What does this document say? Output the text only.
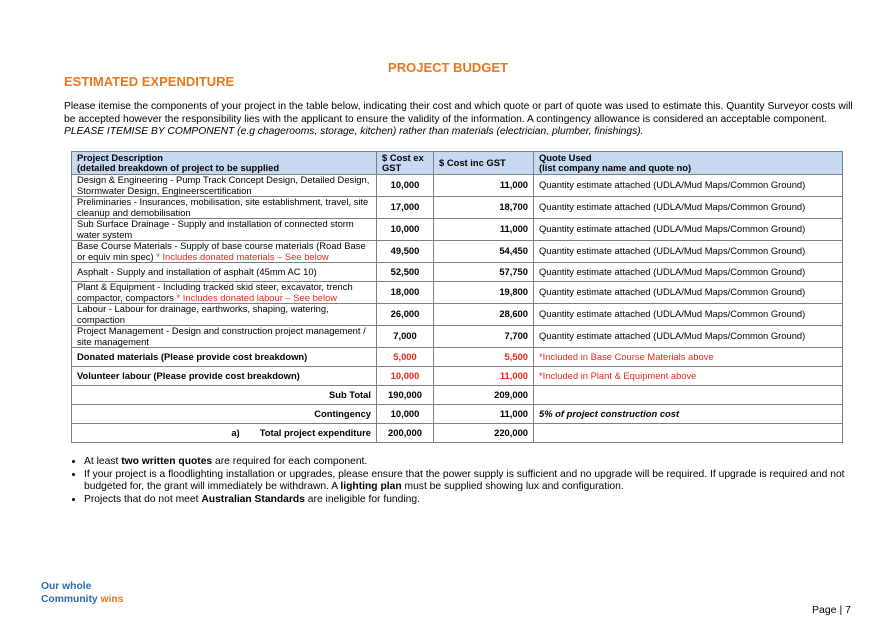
PROJECT BUDGET
ESTIMATED EXPENDITURE
Please itemise the components of your project in the table below, indicating their cost and which quote or part of quote was used to estimate this. Quantity Surveyor costs will be accepted however the responsibility lies with the applicant to ensure the validity of the information. A contingency allowance is considered an acceptable component. PLEASE ITEMISE BY COMPONENT (e.g chagerooms, storage, kitchen) rather than materials (electrician, plumber, finishings).
Project Description
(detailed breakdown of project to be supplied	$ Cost ex GST	$ Cost inc GST	Quote Used
(list company name and quote no)
Design & Engineering - Pump Track Concept Design, Detailed Design, Stormwater Design, Engineerscertification	10,000	11,000	Quantity estimate attached (UDLA/Mud Maps/Common Ground)
Preliminaries - Insurances, mobilisation, site establishment, travel, site cleanup and demobilisation	17,000	18,700	Quantity estimate attached (UDLA/Mud Maps/Common Ground)
Sub Surface Drainage - Supply and installation of connected storm water system	10,000	11,000	Quantity estimate attached (UDLA/Mud Maps/Common Ground)
Base Course Materials - Supply of base course materials (Road Base or equiv min spec) * Includes donated materials – See below	49,500	54,450	Quantity estimate attached (UDLA/Mud Maps/Common Ground)
Asphalt - Supply and installation of asphalt (45mm AC 10)	52,500	57,750	Quantity estimate attached (UDLA/Mud Maps/Common Ground)
Plant & Equipment - Including tracked skid steer, excavator, trench compactor, compactors * Includes donated labour – See below	18,000	19,800	Quantity estimate attached (UDLA/Mud Maps/Common Ground)
Labour - Labour for drainage, earthworks, shaping, watering, compaction	26,000	28,600	Quantity estimate attached (UDLA/Mud Maps/Common Ground)
Project Management - Design and construction project management / site management	7,000	7,700	Quantity estimate attached (UDLA/Mud Maps/Common Ground)
Donated materials (Please provide cost breakdown)	5,000	5,500	*Included in Base Course Materials above
Volunteer labour (Please provide cost breakdown)	10,000	11,000	*Included in Plant & Equipment above
Sub Total	190,000	209,000	
Contingency	10,000	11,000	5% of project construction cost
a) Total project expenditure	200,000	220,000	
• At least two written quotes are required for each component.
• If your project is a floodlighting installation or upgrades, please ensure that the power supply is sufficient and no upgrade will be required. If upgrade is required and not budgeted for, the grant will immediately be withdrawn. A lighting plan must be supplied showing lux and configuration.
• Projects that do not meet Australian Standards are ineligible for funding.
Our whole
Community wins
Page | 7
